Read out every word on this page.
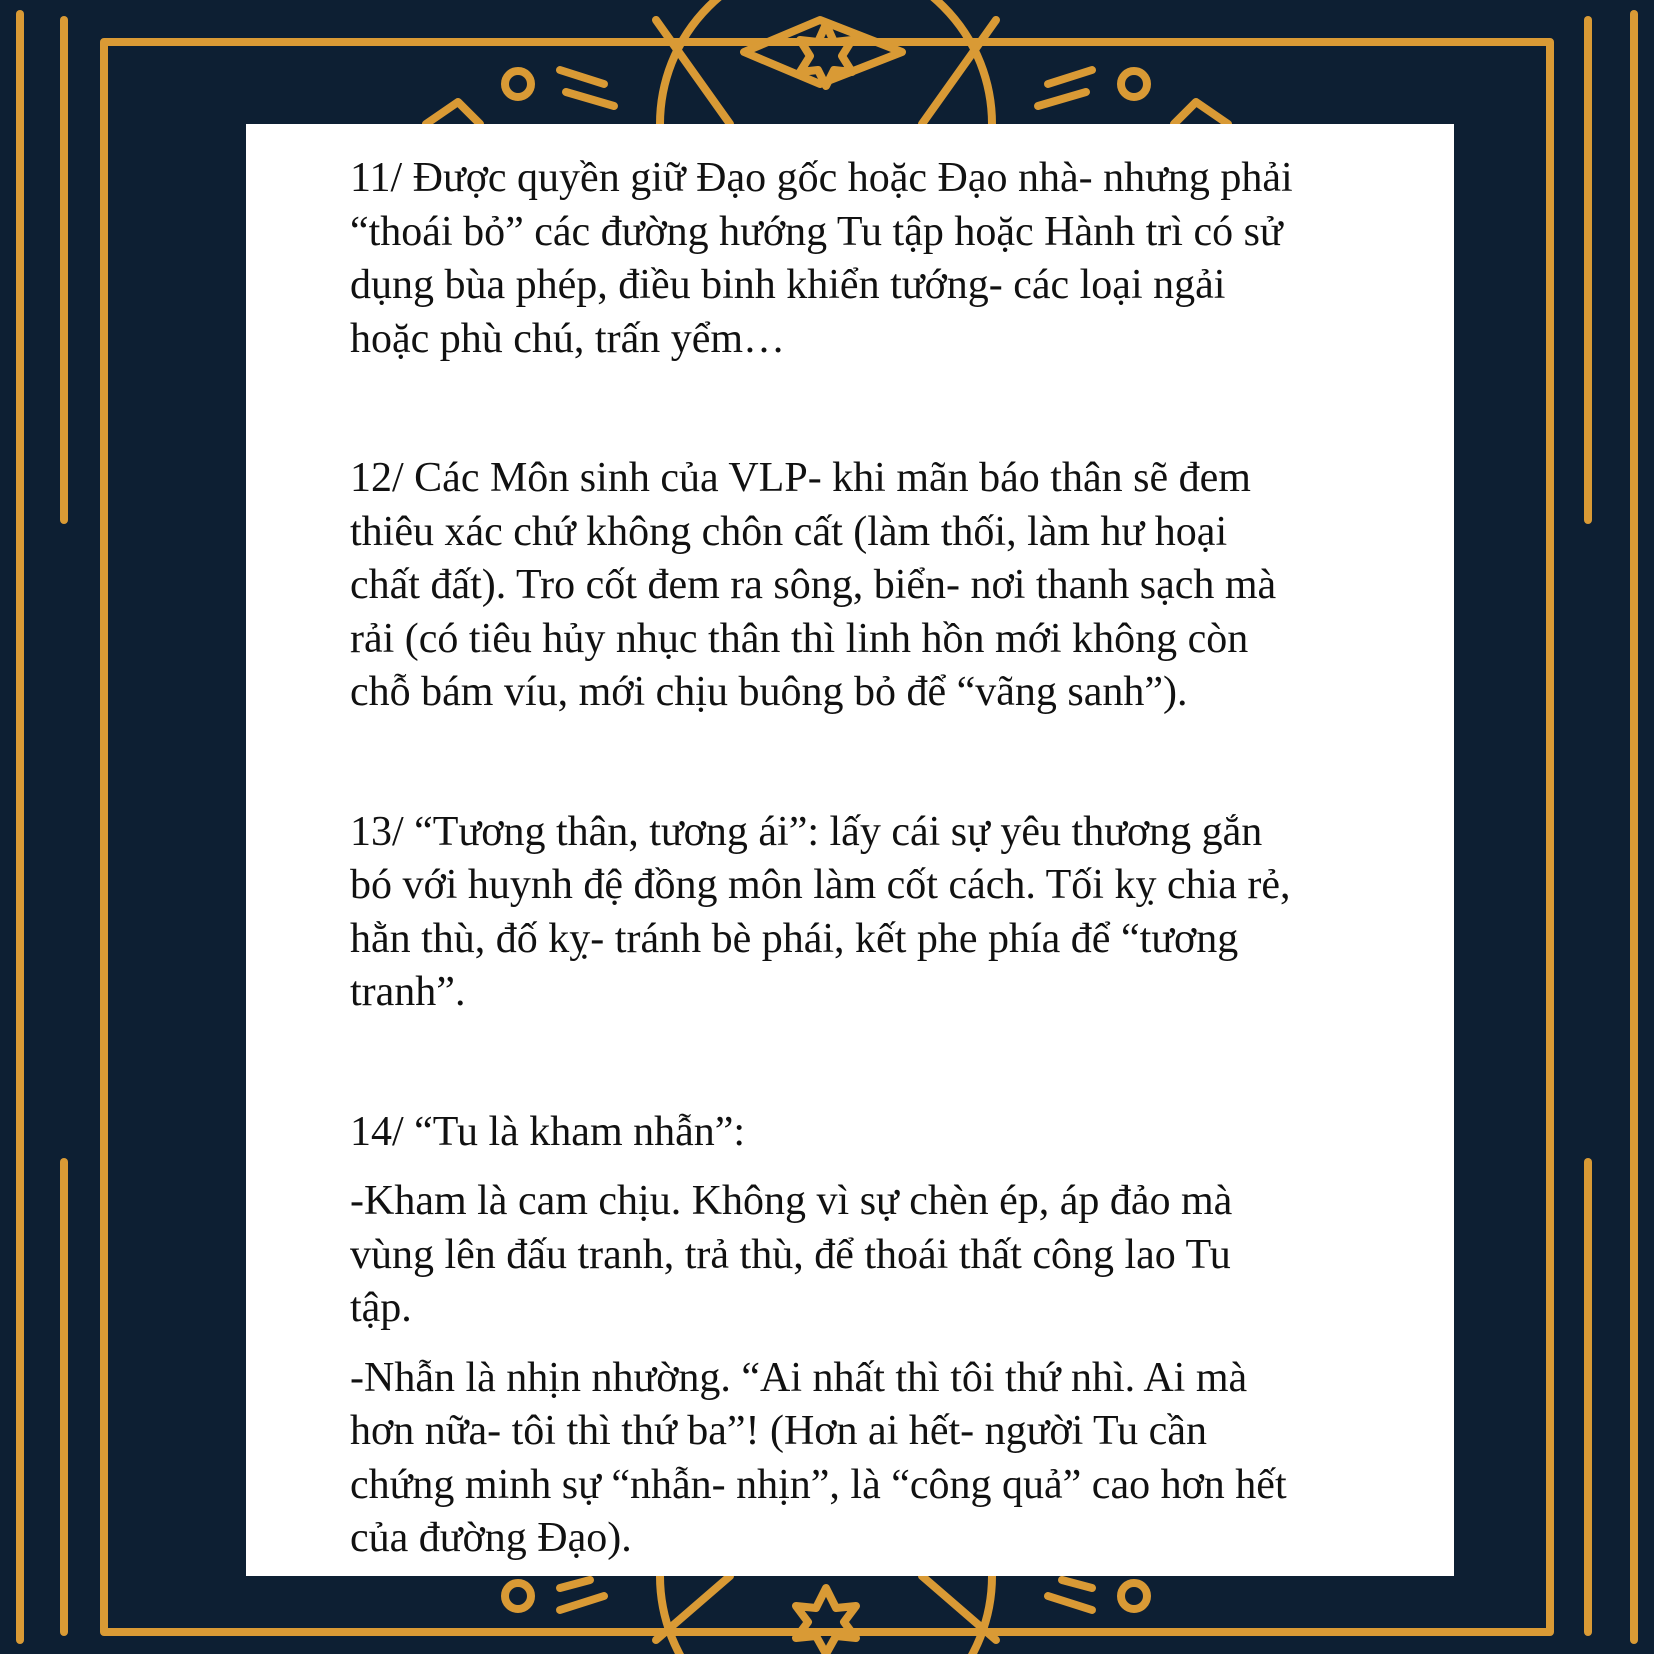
11/ Được quyền giữ Đạo gốc hoặc Đạo nhà- nhưng phải
“thoái bỏ” các đường hướng Tu tập hoặc Hành trì có sử
dụng bùa phép, điều binh khiển tướng- các loại ngải
hoặc phù chú, trấn yểm…

12/ Các Môn sinh của VLP- khi mãn báo thân sẽ đem
thiêu xác chứ không chôn cất (làm thối, làm hư hoại
chất đất). Tro cốt đem ra sông, biển- nơi thanh sạch mà
rải (có tiêu hủy nhục thân thì linh hồn mới không còn
chỗ bám víu, mới chịu buông bỏ để “vãng sanh”).

13/ “Tương thân, tương ái”: lấy cái sự yêu thương gắn
bó với huynh đệ đồng môn làm cốt cách. Tối kỵ chia rẻ,
hằn thù, đố kỵ- tránh bè phái, kết phe phía để “tương
tranh”.

14/ “Tu là kham nhẫn”:

-Kham là cam chịu. Không vì sự chèn ép, áp đảo mà
vùng lên đấu tranh, trả thù, để thoái thất công lao Tu
tập.

-Nhẫn là nhịn nhường. “Ai nhất thì tôi thứ nhì. Ai mà
hơn nữa- tôi thì thứ ba”! (Hơn ai hết- người Tu cần
chứng minh sự “nhẫn- nhịn”, là “công quả” cao hơn hết
của đường Đạo).
